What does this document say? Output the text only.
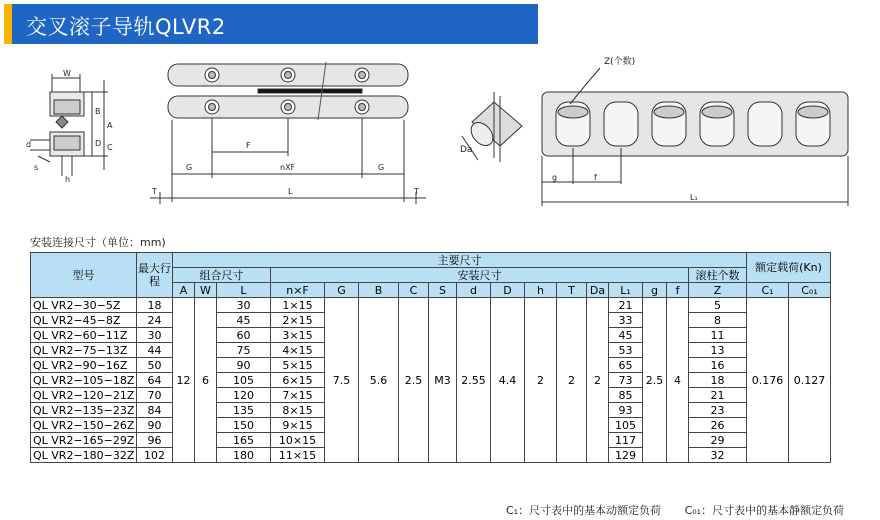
交叉滚子导轨QLVR2
W
B
A
D C
d
s
h
F
G	nXF	G
T	L	T
Da
Z(个数)
g	f
L₁
安装连接尺寸（单位：mm)
型号	最大行程	主要尺寸																	额定载荷(Kn)	
		组合尺寸			安装尺寸													滚柱个数		
		A	W	L	n×F	G	B	C	S	d	D	h	T	Da	L₁	g	f	Z	C₁	C₀₁
QL VR2−30−5Z	18	12	6	30	1×15	7.5	5.6	2.5	M3	2.55	4.4	2	2	2	21	2.5	4	5	0.176	0.127
QL VR2−45−8Z	24			45	2×15										33			8		
QL VR2−60−11Z	30			60	3×15										45			11		
QL VR2−75−13Z	44			75	4×15										53			13		
QL VR2−90−16Z	50			90	5×15										65			16		
QL VR2−105−18Z	64			105	6×15										73			18		
QL VR2−120−21Z	70			120	7×15										85			21		
QL VR2−135−23Z	84			135	8×15										93			23		
QL VR2−150−26Z	90			150	9×15										105			26		
QL VR2−165−29Z	96			165	10×15										117			29		
QL VR2−180−32Z	102			180	11×15										129			32		
C₁：尺寸表中的基本动额定负荷 C₀₁：尺寸表中的基本静额定负荷
